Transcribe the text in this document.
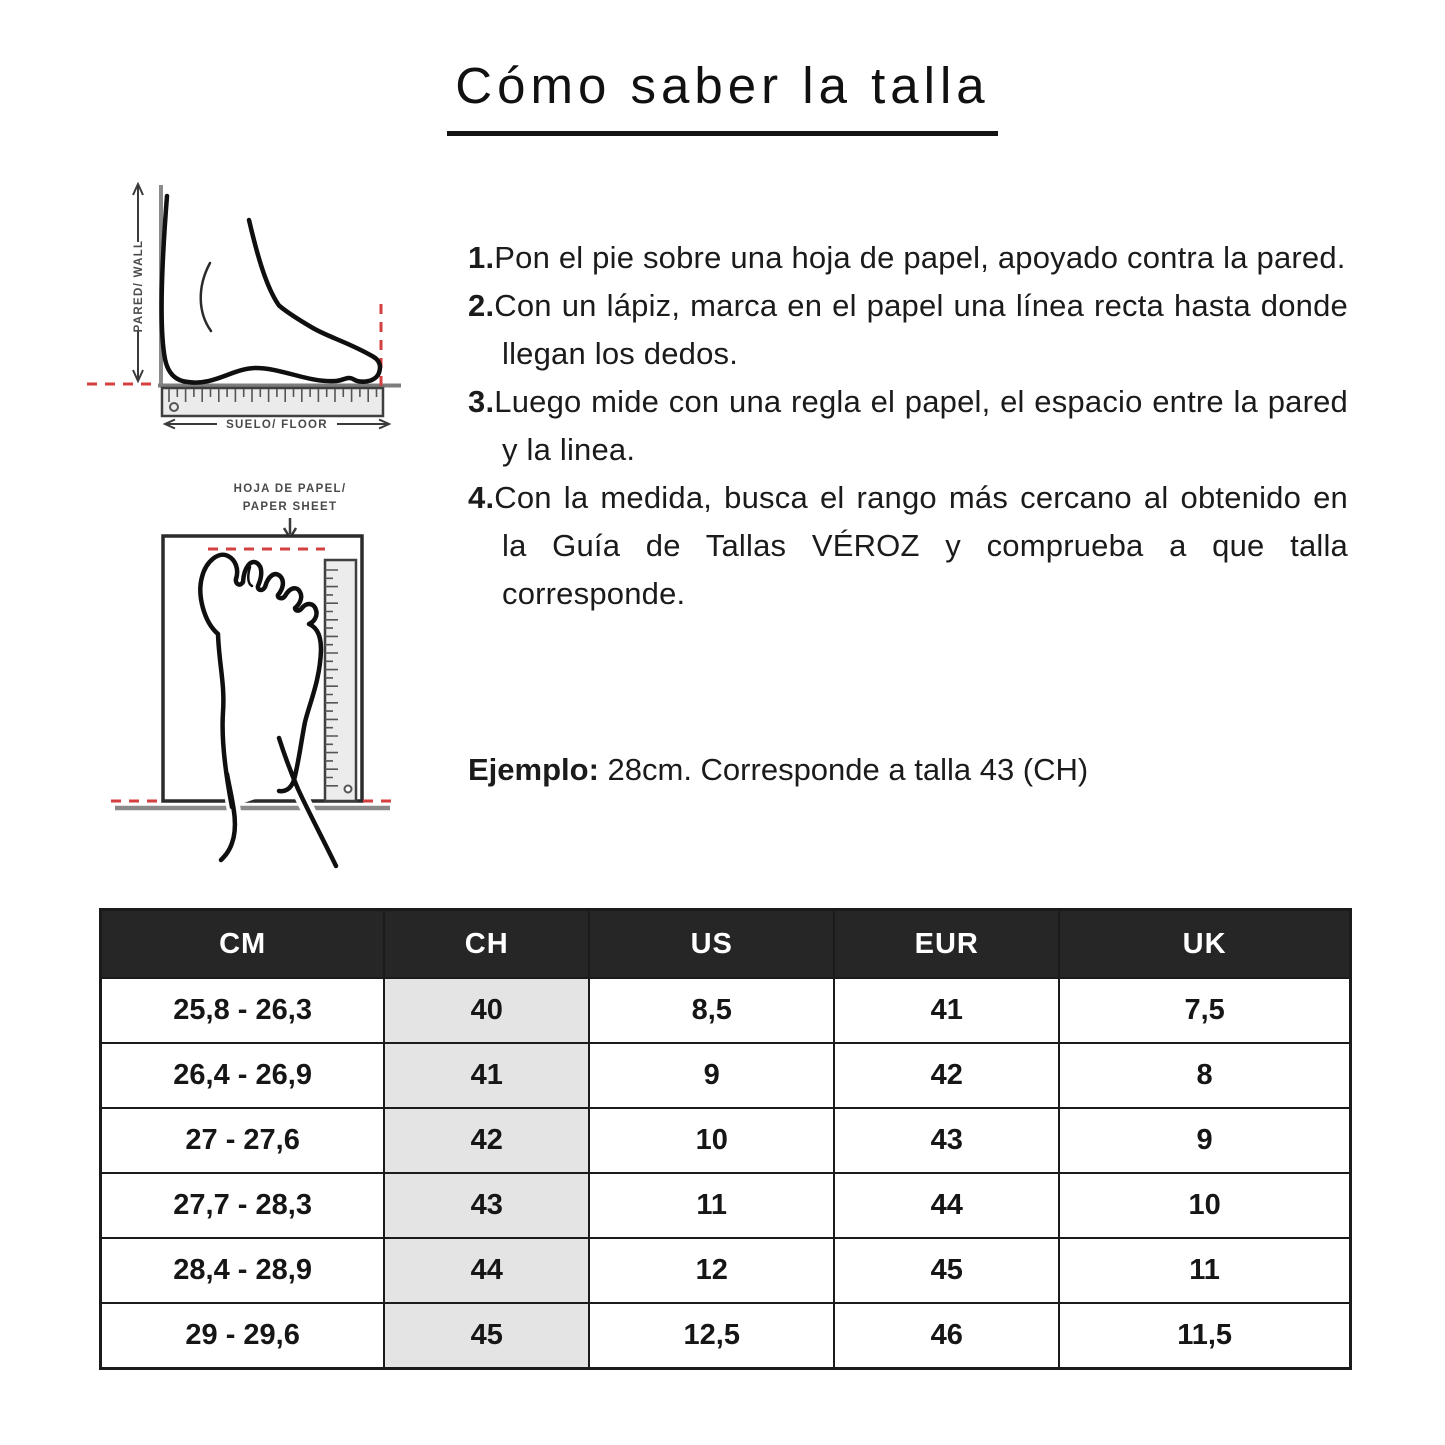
Cómo saber la talla
PARED/ WALL
SUELO/ FLOOR
HOJA DE PAPEL/
PAPER SHEET
1.Pon el pie sobre una hoja de papel, apoyado contra la pared.
2.Con un lápiz, marca en el papel una línea recta hasta donde llegan los dedos.
3.Luego mide con una regla el papel, el espacio entre la pared y la linea.
4.Con la medida, busca el rango más cercano al obtenido en la Guía de Tallas VÉROZ y comprueba a que talla corresponde.

Ejemplo: 28cm. Corresponde a talla 43 (CH)

CM	CH	US	EUR	UK
25,8 - 26,3	40	8,5	41	7,5
26,4 - 26,9	41	9	42	8
27 - 27,6	42	10	43	9
27,7 - 28,3	43	11	44	10
28,4 - 28,9	44	12	45	11
29 - 29,6	45	12,5	46	11,5
